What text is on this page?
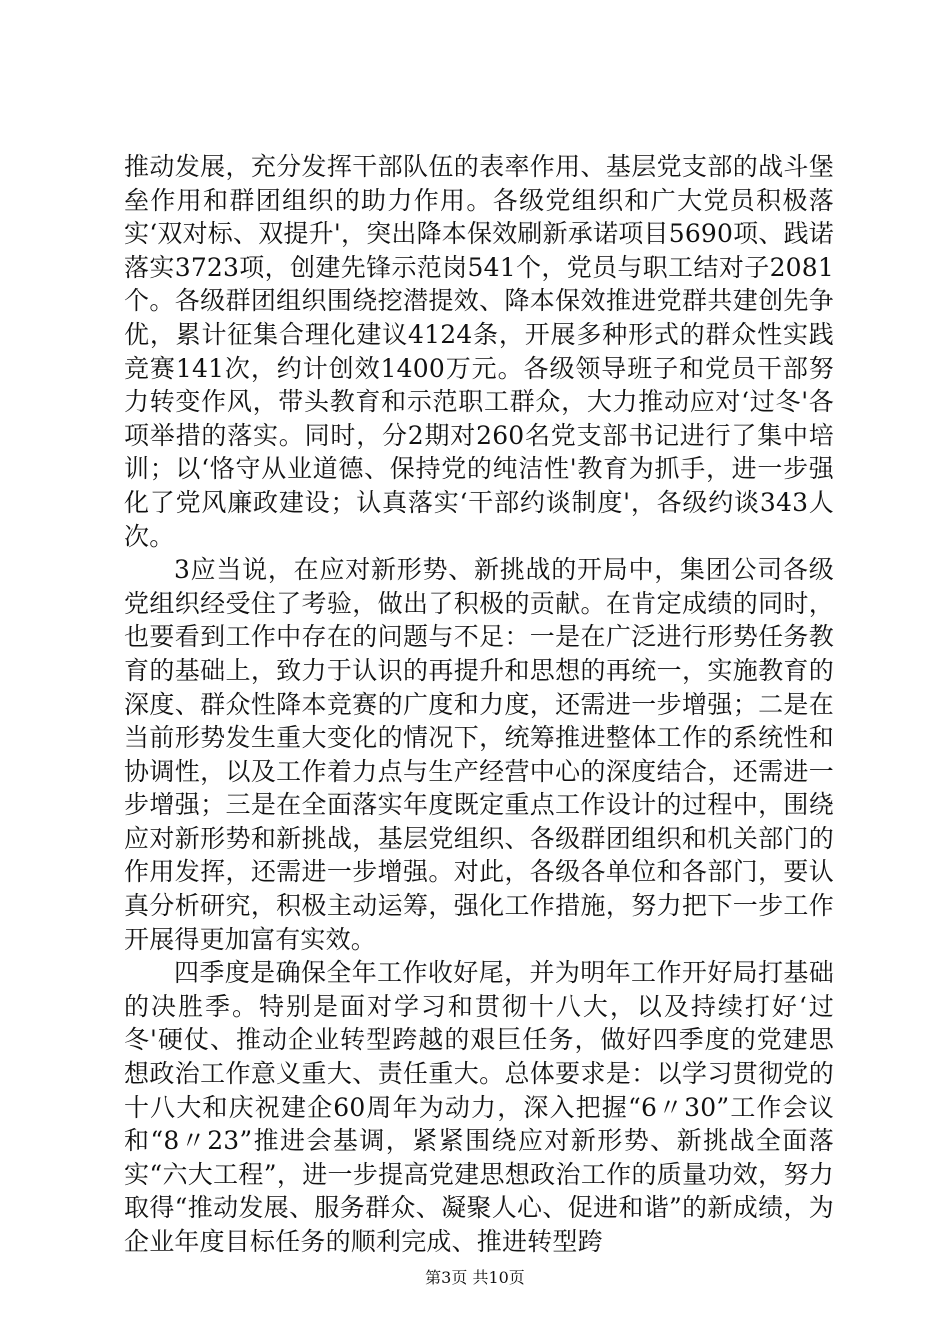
推动发展，充分发挥干部队伍的表率作用、基层党支部的战斗堡垒作用和群团组织的助力作用。各级党组织和广大党员积极落实‘双对标、双提升'，突出降本保效刷新承诺项目5690项、践诺落实3723项，创建先锋示范岗541个，党员与职工结对子2081个。各级群团组织围绕挖潜提效、降本保效推进党群共建创先争优，累计征集合理化建议4124条，开展多种形式的群众性实践竞赛141次，约计创效1400万元。各级领导班子和党员干部努力转变作风，带头教育和示范职工群众，大力推动应对‘过冬'各项举措的落实。同时，分2期对260名党支部书记进行了集中培训；以‘恪守从业道德、保持党的纯洁性'教育为抓手，进一步强化了党风廉政建设；认真落实‘干部约谈制度'，各级约谈343人次。

3应当说，在应对新形势、新挑战的开局中，集团公司各级党组织经受住了考验，做出了积极的贡献。在肯定成绩的同时，也要看到工作中存在的问题与不足：一是在广泛进行形势任务教育的基础上，致力于认识的再提升和思想的再统一，实施教育的深度、群众性降本竞赛的广度和力度，还需进一步增强；二是在当前形势发生重大变化的情况下，统筹推进整体工作的系统性和协调性，以及工作着力点与生产经营中心的深度结合，还需进一步增强；三是在全面落实年度既定重点工作设计的过程中，围绕应对新形势和新挑战，基层党组织、各级群团组织和机关部门的作用发挥，还需进一步增强。对此，各级各单位和各部门，要认真分析研究，积极主动运筹，强化工作措施，努力把下一步工作开展得更加富有实效。

四季度是确保全年工作收好尾，并为明年工作开好局打基础的决胜季。特别是面对学习和贯彻十八大，以及持续打好‘过冬'硬仗、推动企业转型跨越的艰巨任务，做好四季度的党建思想政治工作意义重大、责任重大。总体要求是：以学习贯彻党的十八大和庆祝建企60周年为动力，深入把握“6〃30”工作会议和“8〃23”推进会基调，紧紧围绕应对新形势、新挑战全面落实“六大工程”，进一步提高党建思想政治工作的质量功效，努力取得“推动发展、服务群众、凝聚人心、促进和谐”的新成绩，为企业年度目标任务的顺利完成、推进转型跨

第3页 共10页
